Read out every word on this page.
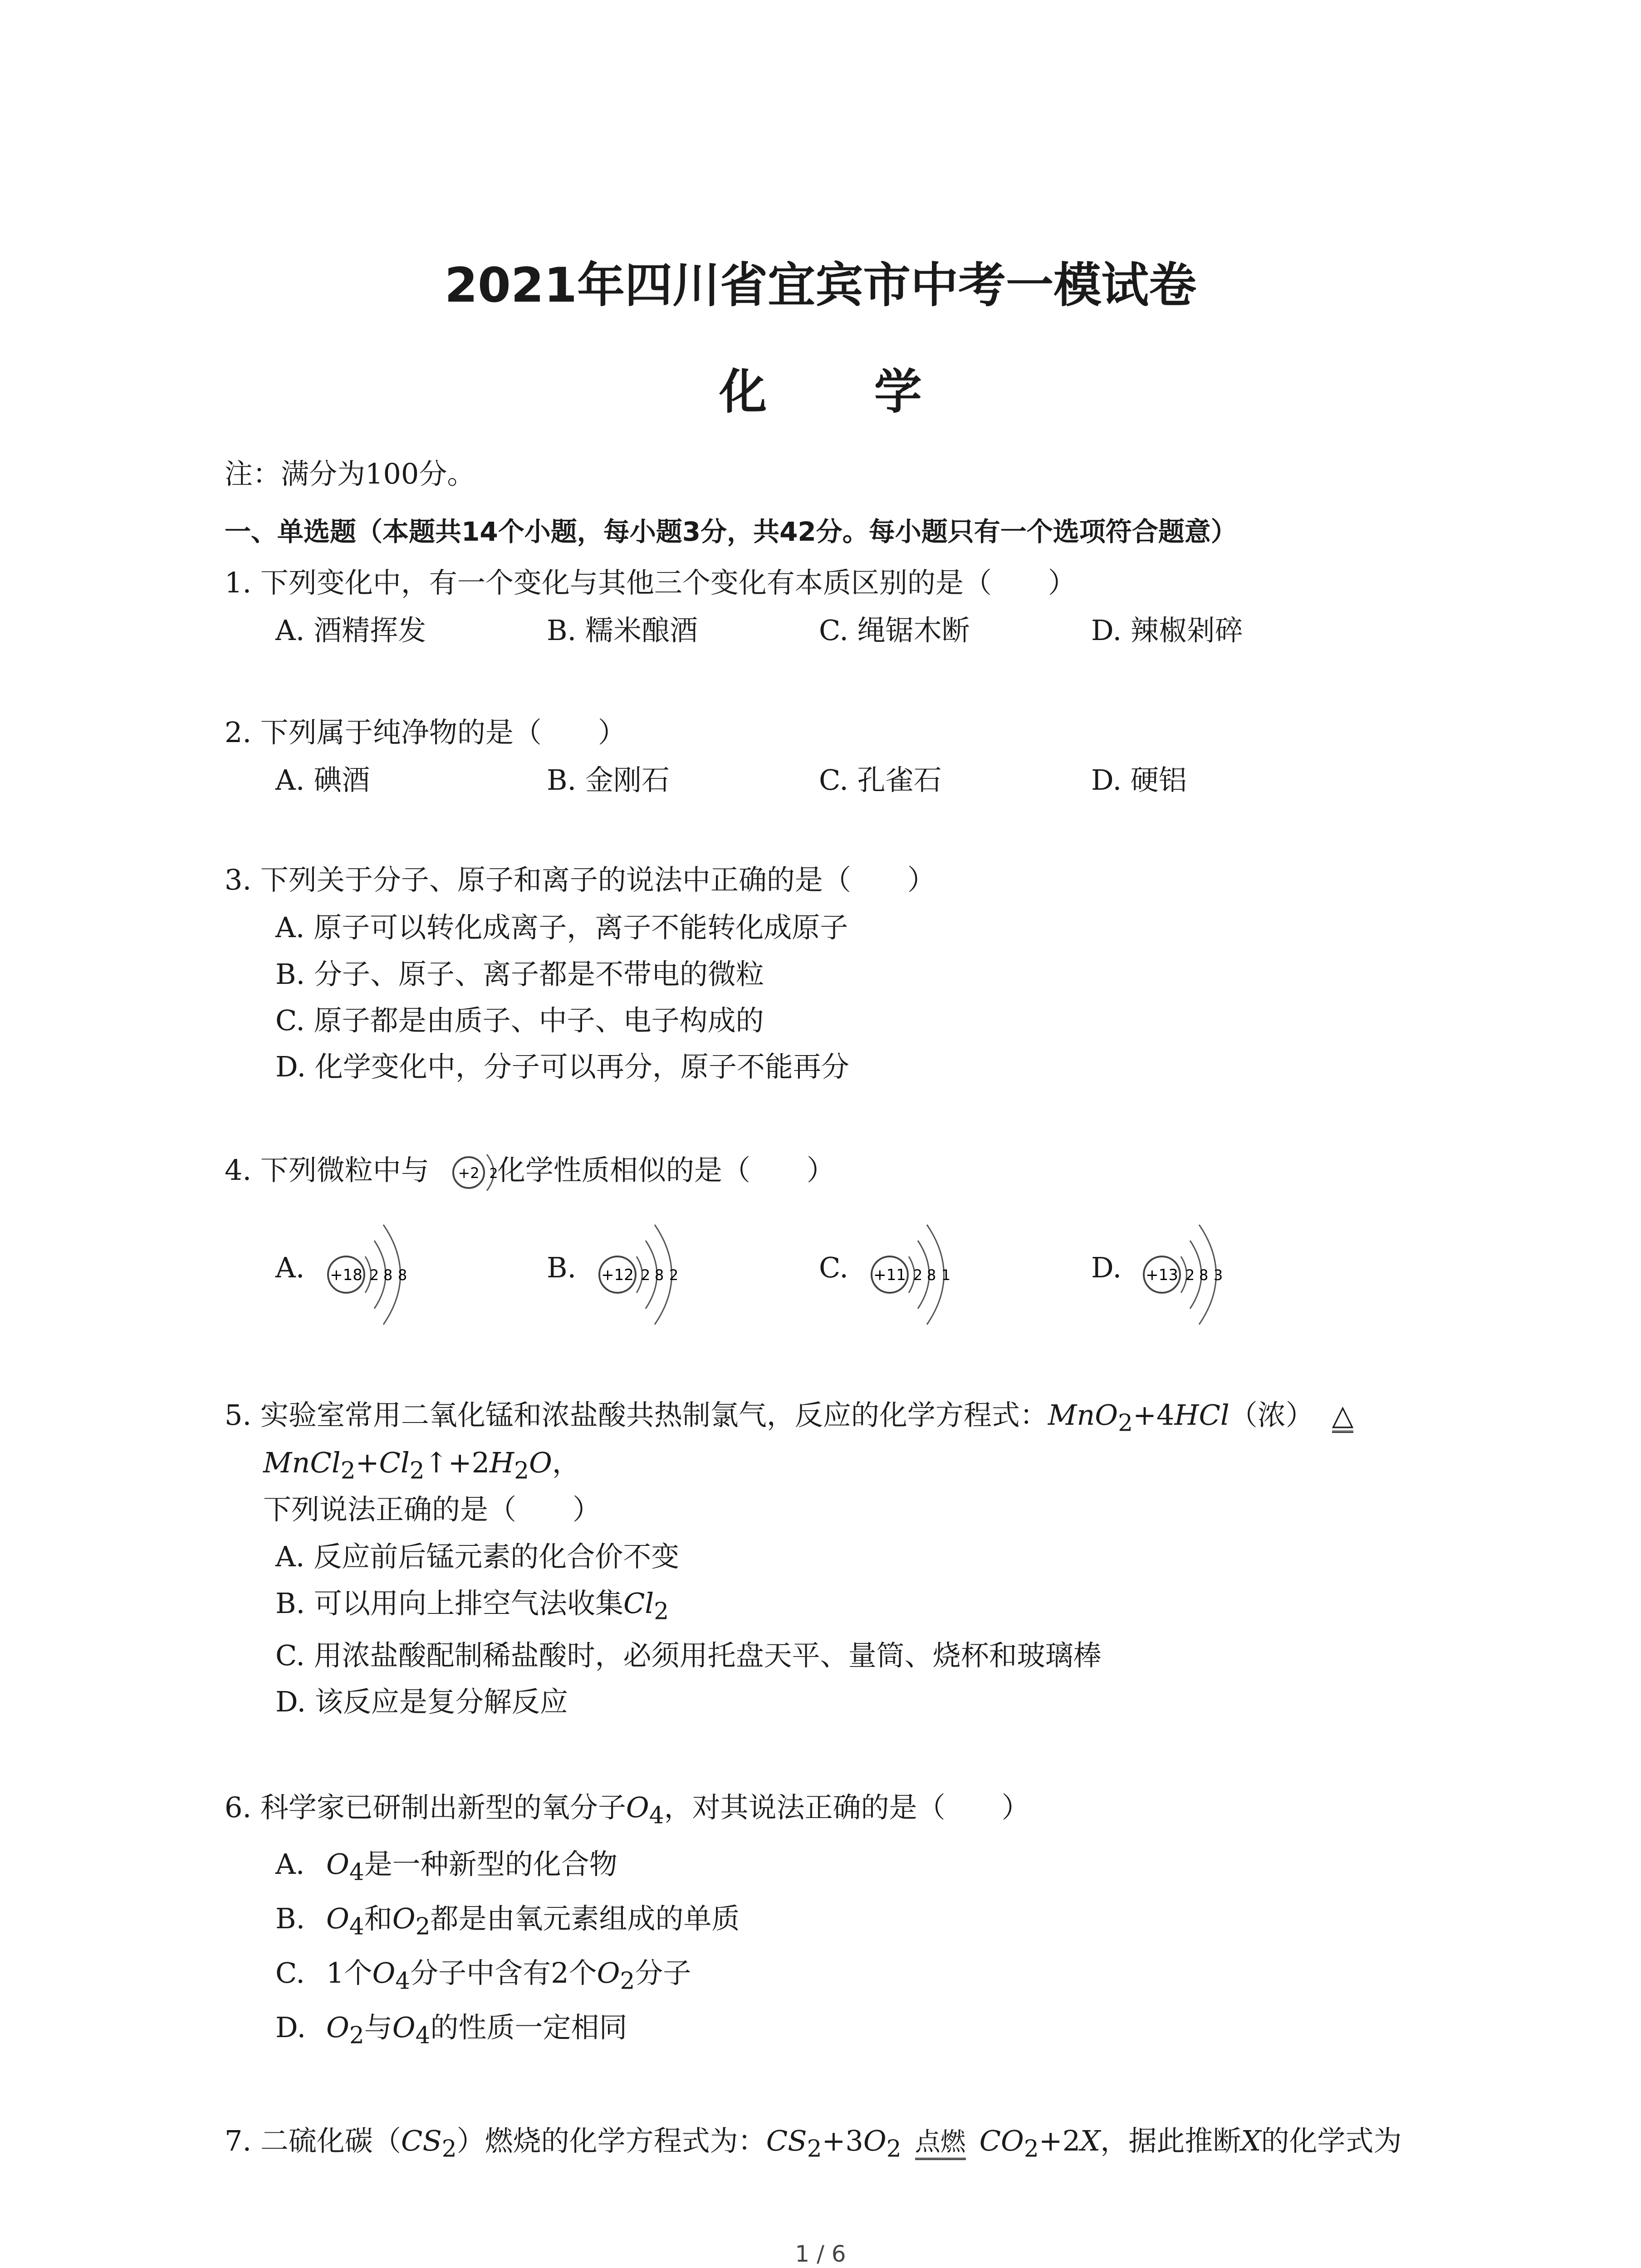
2021年四川省宜宾市中考一模试卷
化 学
注：满分为100分。
一、单选题（本题共14个小题，每小题3分，共42分。每小题只有一个选项符合题意）
1. 下列变化中，有一个变化与其他三个变化有本质区别的是（　　）
A. 酒精挥发	B. 糯米酿酒	C. 绳锯木断	D. 辣椒剁碎
2. 下列属于纯净物的是（　　）
A. 碘酒	B. 金刚石	C. 孔雀石	D. 硬铝
3. 下列关于分子、原子和离子的说法中正确的是（　　）
A. 原子可以转化成离子，离子不能转化成原子
B. 分子、原子、离子都是不带电的微粒
C. 原子都是由质子、中子、电子构成的
D. 化学变化中，分子可以再分，原子不能再分
4. 下列微粒中与 化学性质相似的是（　　）
+2 2
A.	B.	C.	D.
+18 2 8 8	+12 2 8 2	+11 2 8 1	+13 2 8 3
5. 实验室常用二氧化锰和浓盐酸共热制氯气，反应的化学方程式：MnO$_2$+4HCl（浓） △
$MnCl_2+Cl_2↑+2H_2O$，
下列说法正确的是（　　）
A. 反应前后锰元素的化合价不变
B. 可以用向上排空气法收集$Cl_2$
C. 用浓盐酸配制稀盐酸时，必须用托盘天平、量筒、烧杯和玻璃棒
D. 该反应是复分解反应
6. 科学家已研制出新型的氧分子$O_4$，对其说法正确的是（　　）
A. $O_4$是一种新型的化合物
B. $O_4$和$O_2$都是由氧元素组成的单质
C. 1个$O_4$分子中含有2个$O_2$分子
D. $O_2$与$O_4$的性质一定相同
7. 二硫化碳$(CS_2)$燃烧的化学方程式为：$CS_2+3O_2$ 点燃 $CO_2+2X$，据此推断X的化学式为
1 / 6
